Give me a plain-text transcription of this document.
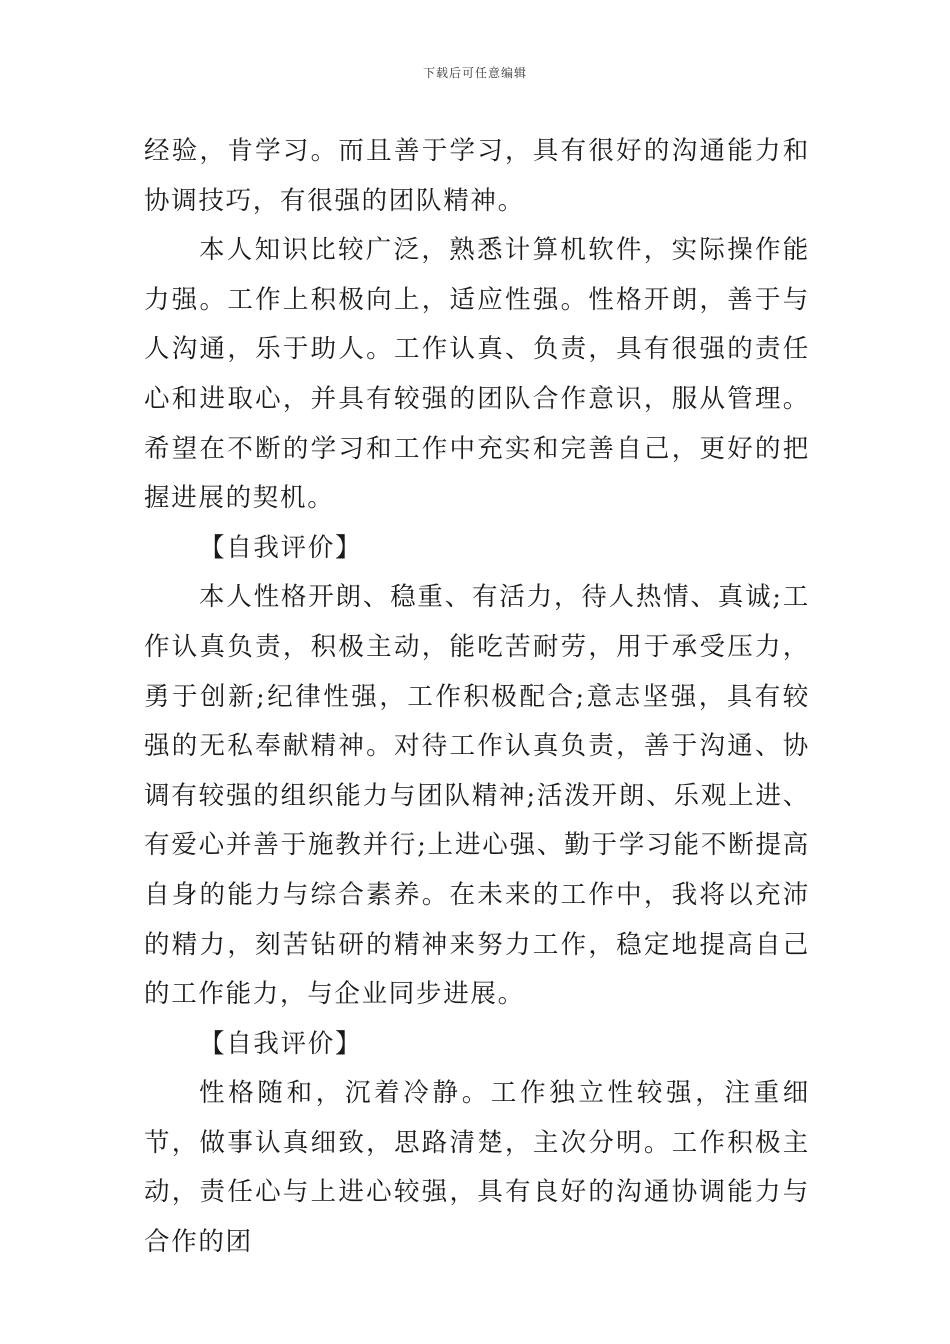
下载后可任意编辑

经验，肯学习。而且善于学习，具有很好的沟通能力和协调技巧，有很强的团队精神。

本人知识比较广泛，熟悉计算机软件，实际操作能力强。工作上积极向上，适应性强。性格开朗，善于与人沟通，乐于助人。工作认真、负责，具有很强的责任心和进取心，并具有较强的团队合作意识，服从管理。希望在不断的学习和工作中充实和完善自己，更好的把握进展的契机。

【自我评价】

本人性格开朗、稳重、有活力，待人热情、真诚;工作认真负责，积极主动，能吃苦耐劳，用于承受压力，勇于创新;纪律性强，工作积极配合;意志坚强，具有较强的无私奉献精神。对待工作认真负责，善于沟通、协调有较强的组织能力与团队精神;活泼开朗、乐观上进、有爱心并善于施教并行;上进心强、勤于学习能不断提高自身的能力与综合素养。在未来的工作中，我将以充沛的精力，刻苦钻研的精神来努力工作，稳定地提高自己的工作能力，与企业同步进展。

【自我评价】

性格随和，沉着冷静。工作独立性较强，注重细节，做事认真细致，思路清楚，主次分明。工作积极主动，责任心与上进心较强，具有良好的沟通协调能力与合作的团
